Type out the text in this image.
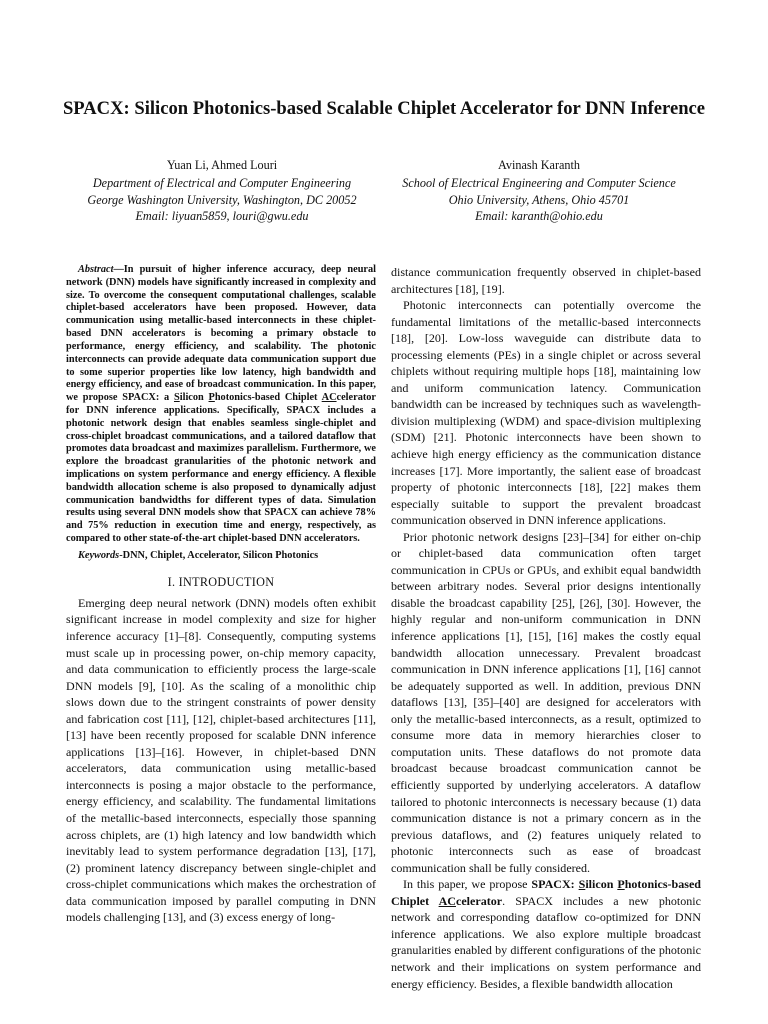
SPACX: Silicon Photonics-based Scalable Chiplet Accelerator for DNN Inference
Yuan Li, Ahmed Louri
Department of Electrical and Computer Engineering
George Washington University, Washington, DC 20052
Email: liyuan5859, louri@gwu.edu
Avinash Karanth
School of Electrical Engineering and Computer Science
Ohio University, Athens, Ohio 45701
Email: karanth@ohio.edu

Abstract—In pursuit of higher inference accuracy, deep neural network (DNN) models have significantly increased in complexity and size. To overcome the consequent computational challenges, scalable chiplet-based accelerators have been proposed. However, data communication using metallic-based interconnects in these chiplet-based DNN accelerators is becoming a primary obstacle to performance, energy efficiency, and scalability. The photonic interconnects can provide adequate data communication support due to some superior properties like low latency, high bandwidth and energy efficiency, and ease of broadcast communication. In this paper, we propose SPACX: a Silicon Photonics-based Chiplet ACcelerator for DNN inference applications. Specifically, SPACX includes a photonic network design that enables seamless single-chiplet and cross-chiplet broadcast communications, and a tailored dataflow that promotes data broadcast and maximizes parallelism. Furthermore, we explore the broadcast granularities of the photonic network and implications on system performance and energy efficiency. A flexible bandwidth allocation scheme is also proposed to dynamically adjust communication bandwidths for different types of data. Simulation results using several DNN models show that SPACX can achieve 78% and 75% reduction in execution time and energy, respectively, as compared to other state-of-the-art chiplet-based DNN accelerators.

Keywords-DNN, Chiplet, Accelerator, Silicon Photonics

I. INTRODUCTION

Emerging deep neural network (DNN) models often exhibit significant increase in model complexity and size for higher inference accuracy [1]–[8]. Consequently, computing systems must scale up in processing power, on-chip memory capacity, and data communication to efficiently process the large-scale DNN models [9], [10]. As the scaling of a monolithic chip slows down due to the stringent constraints of power density and fabrication cost [11], [12], chiplet-based architectures [11], [13] have been recently proposed for scalable DNN inference applications [13]–[16]. However, in chiplet-based DNN accelerators, data communication using metallic-based interconnects is posing a major obstacle to the performance, energy efficiency, and scalability. The fundamental limitations of the metallic-based interconnects, especially those spanning across chiplets, are (1) high latency and low bandwidth which inevitably lead to system performance degradation [13], [17], (2) prominent latency discrepancy between single-chiplet and cross-chiplet communications which makes the orchestration of data communication imposed by parallel computing in DNN models challenging [13], and (3) excess energy of long-

distance communication frequently observed in chiplet-based architectures [18], [19].

Photonic interconnects can potentially overcome the fundamental limitations of the metallic-based interconnects [18], [20]. Low-loss waveguide can distribute data to processing elements (PEs) in a single chiplet or across several chiplets without requiring multiple hops [18], maintaining low and uniform communication latency. Communication bandwidth can be increased by techniques such as wavelength-division multiplexing (WDM) and space-division multiplexing (SDM) [21]. Photonic interconnects have been shown to achieve high energy efficiency as the communication distance increases [17]. More importantly, the salient ease of broadcast property of photonic interconnects [18], [22] makes them especially suitable to support the prevalent broadcast communication observed in DNN inference applications.

Prior photonic network designs [23]–[34] for either on-chip or chiplet-based data communication often target communication in CPUs or GPUs, and exhibit equal bandwidth between arbitrary nodes. Several prior designs intentionally disable the broadcast capability [25], [26], [30]. However, the highly regular and non-uniform communication in DNN inference applications [1], [15], [16] makes the costly equal bandwidth allocation unnecessary. Prevalent broadcast communication in DNN inference applications [1], [16] cannot be adequately supported as well. In addition, previous DNN dataflows [13], [35]–[40] are designed for accelerators with only the metallic-based interconnects, as a result, optimized to consume more data in memory hierarchies closer to computation units. These dataflows do not promote data broadcast because broadcast communication cannot be efficiently supported by underlying accelerators. A dataflow tailored to photonic interconnects is necessary because (1) data communication distance is not a primary concern as in the previous dataflows, and (2) features uniquely related to photonic interconnects such as ease of broadcast communication shall be fully considered.

In this paper, we propose SPACX: Silicon Photonics-based Chiplet ACcelerator. SPACX includes a new photonic network and corresponding dataflow co-optimized for DNN inference applications. We also explore multiple broadcast granularities enabled by different configurations of the photonic network and their implications on system performance and energy efficiency. Besides, a flexible bandwidth allocation
